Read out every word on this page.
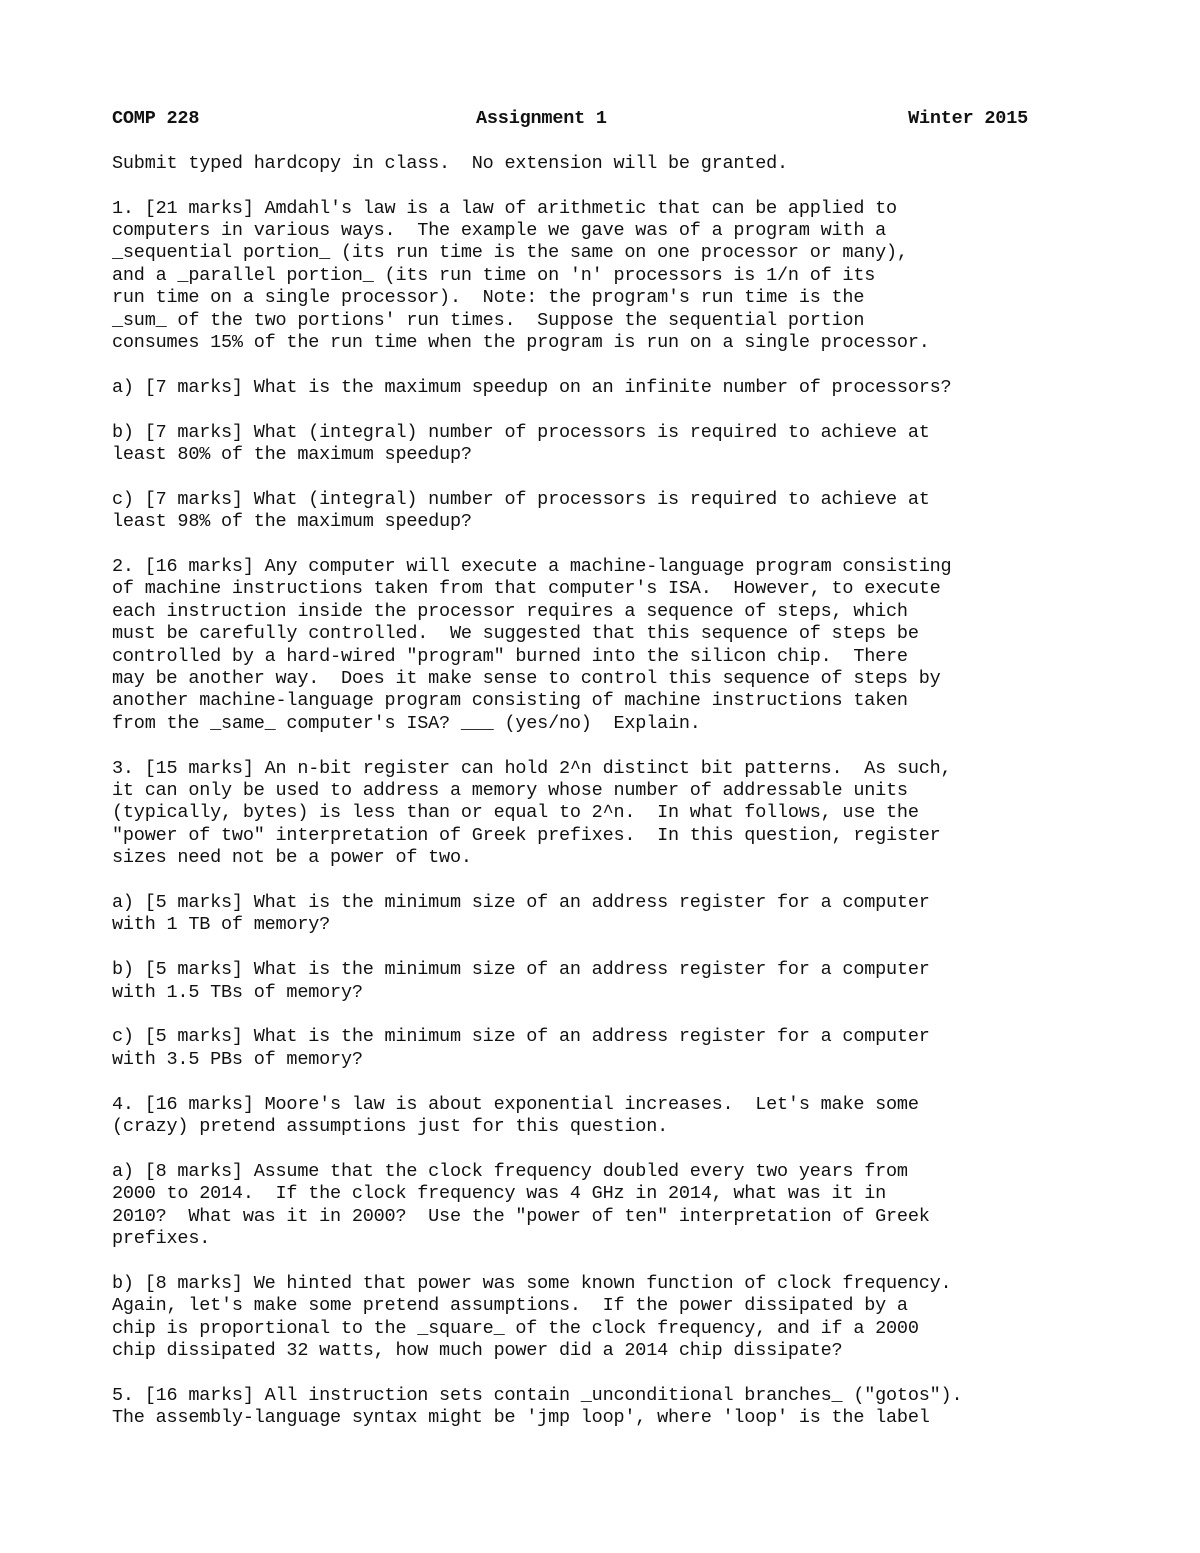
COMP 228	Assignment 1	Winter 2015

Submit typed hardcopy in class.  No extension will be granted.

1. [21 marks] Amdahl's law is a law of arithmetic that can be applied to
computers in various ways.  The example we gave was of a program with a
_sequential portion_ (its run time is the same on one processor or many),
and a _parallel portion_ (its run time on 'n' processors is 1/n of its
run time on a single processor).  Note: the program's run time is the
_sum_ of the two portions' run times.  Suppose the sequential portion
consumes 15% of the run time when the program is run on a single processor.

a) [7 marks] What is the maximum speedup on an infinite number of processors?

b) [7 marks] What (integral) number of processors is required to achieve at
least 80% of the maximum speedup?

c) [7 marks] What (integral) number of processors is required to achieve at
least 98% of the maximum speedup?

2. [16 marks] Any computer will execute a machine-language program consisting
of machine instructions taken from that computer's ISA.  However, to execute
each instruction inside the processor requires a sequence of steps, which
must be carefully controlled.  We suggested that this sequence of steps be
controlled by a hard-wired "program" burned into the silicon chip.  There
may be another way.  Does it make sense to control this sequence of steps by
another machine-language program consisting of machine instructions taken
from the _same_ computer's ISA? ___ (yes/no)  Explain.

3. [15 marks] An n-bit register can hold 2^n distinct bit patterns.  As such,
it can only be used to address a memory whose number of addressable units
(typically, bytes) is less than or equal to 2^n.  In what follows, use the
"power of two" interpretation of Greek prefixes.  In this question, register
sizes need not be a power of two.

a) [5 marks] What is the minimum size of an address register for a computer
with 1 TB of memory?

b) [5 marks] What is the minimum size of an address register for a computer
with 1.5 TBs of memory?

c) [5 marks] What is the minimum size of an address register for a computer
with 3.5 PBs of memory?

4. [16 marks] Moore's law is about exponential increases.  Let's make some
(crazy) pretend assumptions just for this question.

a) [8 marks] Assume that the clock frequency doubled every two years from
2000 to 2014.  If the clock frequency was 4 GHz in 2014, what was it in
2010?  What was it in 2000?  Use the "power of ten" interpretation of Greek
prefixes.

b) [8 marks] We hinted that power was some known function of clock frequency.
Again, let's make some pretend assumptions.  If the power dissipated by a
chip is proportional to the _square_ of the clock frequency, and if a 2000
chip dissipated 32 watts, how much power did a 2014 chip dissipate?

5. [16 marks] All instruction sets contain _unconditional branches_ ("gotos").
The assembly-language syntax might be 'jmp loop', where 'loop' is the label
